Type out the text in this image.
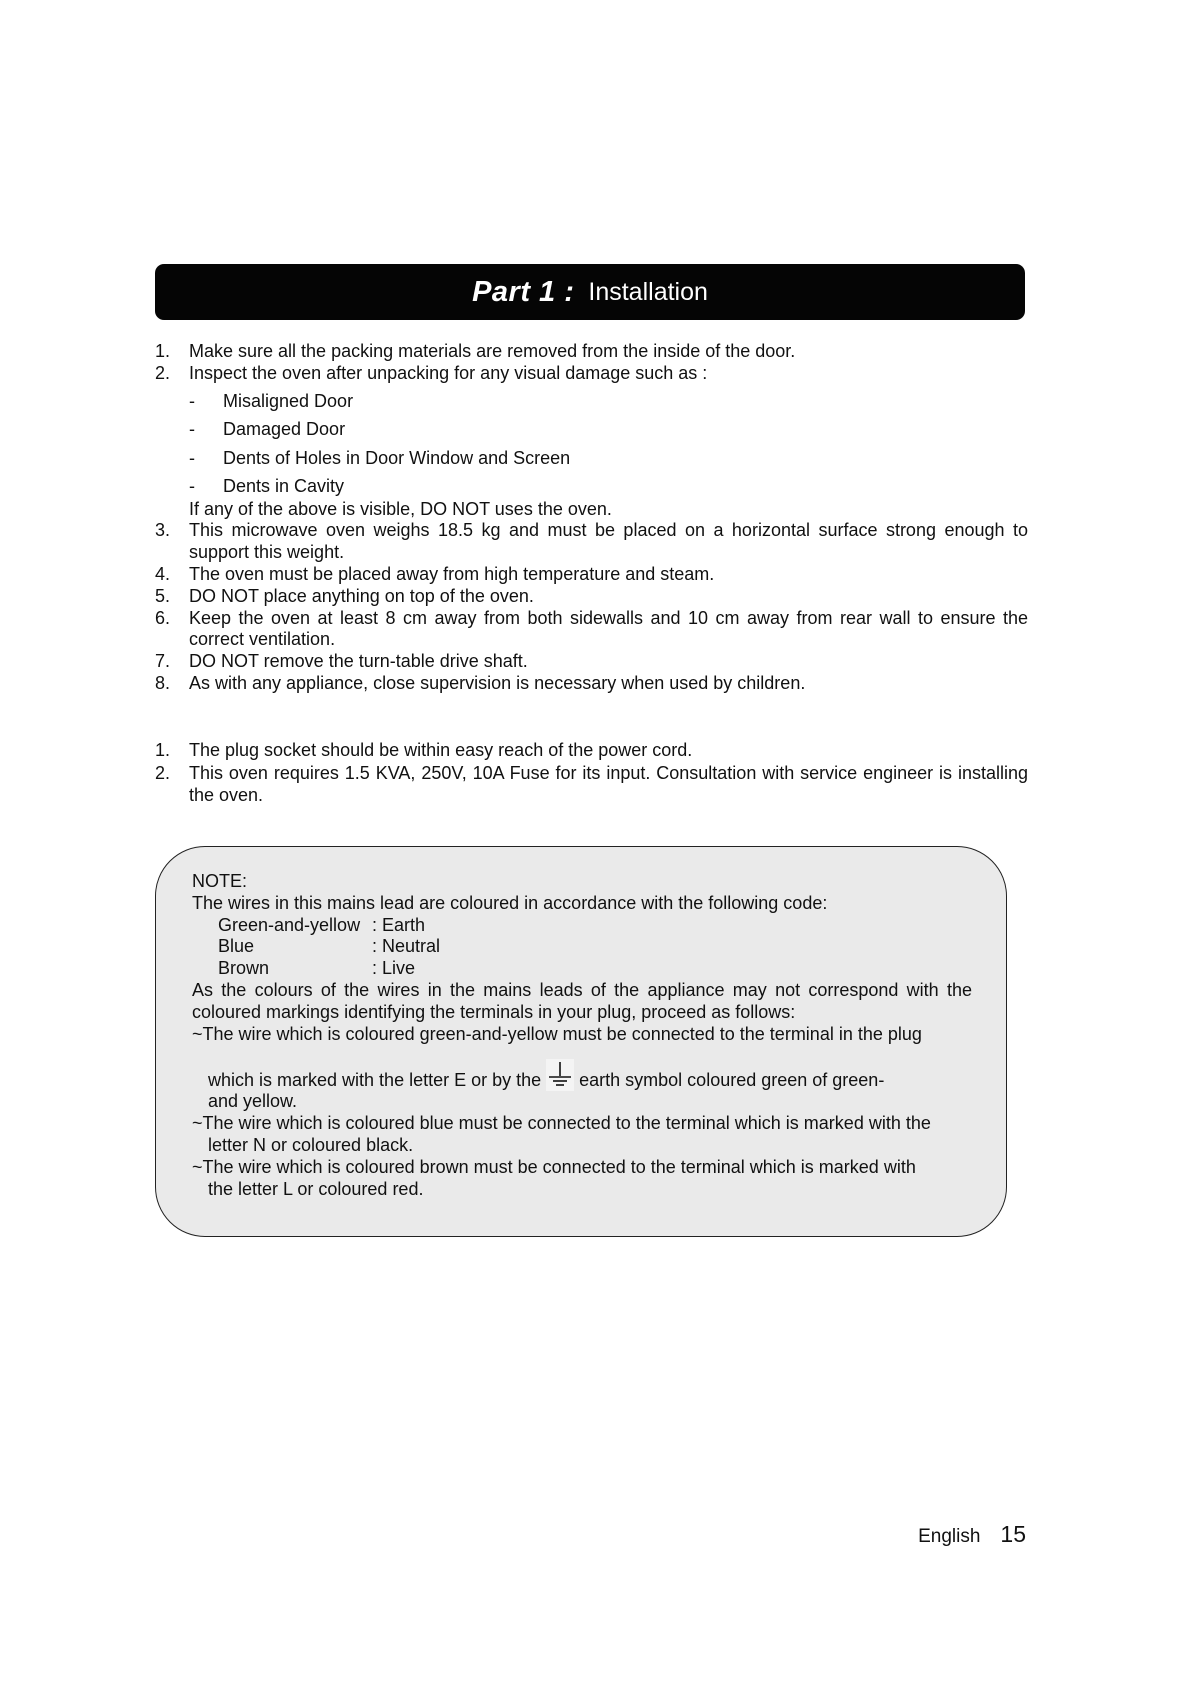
Part 1 : Installation
1.	Make sure all the packing materials are removed from the inside of the door.
2.	Inspect the oven after unpacking for any visual damage such as :
-	Misaligned Door
-	Damaged Door
-	Dents of Holes in Door Window and Screen
-	Dents in Cavity
If any of the above is visible, DO NOT uses the oven.
3.	This microwave oven weighs 18.5 kg and must be placed on a horizontal surface strong enough to support this weight.
4.	The oven must be placed away from high temperature and steam.
5.	DO NOT place anything on top of the oven.
6.	Keep the oven at least 8 cm away from both sidewalls and 10 cm away from rear wall to ensure the correct ventilation.
7.	DO NOT remove the turn-table drive shaft.
8.	As with any appliance, close supervision is necessary when used by children.
1.	The plug socket should be within easy reach of the power cord.
2.	This oven requires 1.5 KVA, 250V, 10A Fuse for its input. Consultation with service engineer is installing the oven.
NOTE:
The wires in this mains lead are coloured in accordance with the following code:
Green-and-yellow : Earth
Blue	: Neutral
Brown	: Live
As the colours of the wires in the mains leads of the appliance may not correspond with the coloured markings identifying the terminals in your plug, proceed as follows:
~The wire which is coloured green-and-yellow must be connected to the terminal in the plug
which is marked with the letter E or by the earth symbol coloured green of green-
and yellow.
~The wire which is coloured blue must be connected to the terminal which is marked with the
letter N or coloured black.
~The wire which is coloured brown must be connected to the terminal which is marked with
the letter L or coloured red.
English 15
